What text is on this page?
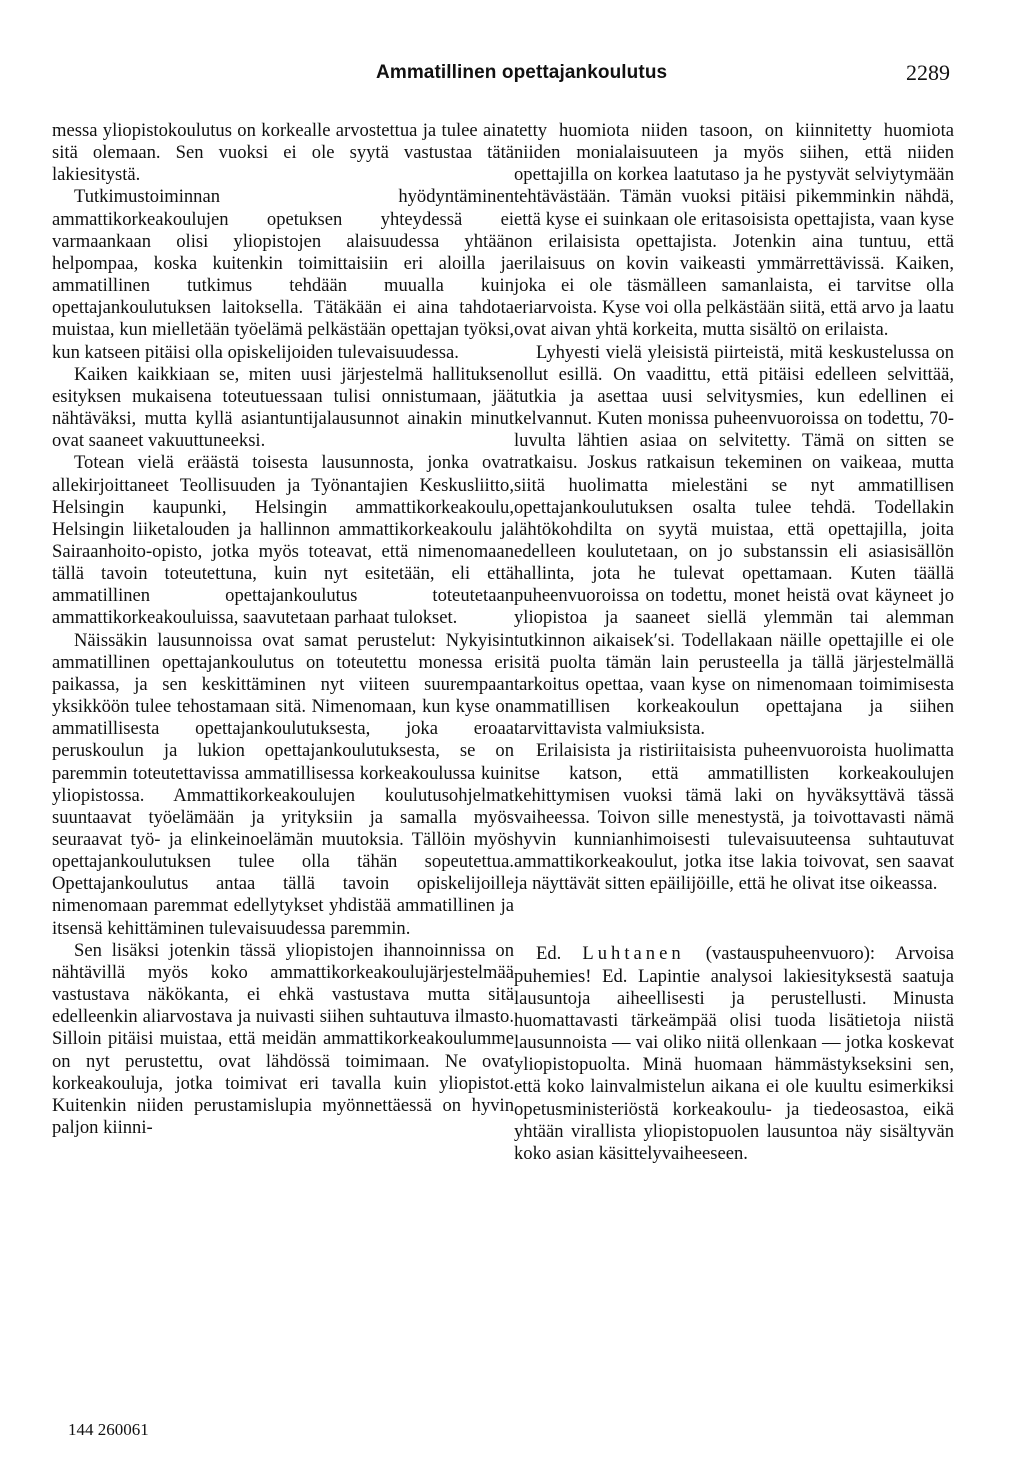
Ammatillinen opettajankoulutus	2289

messa yliopistokoulutus on korkealle arvostettua ja tulee aina sitä olemaan. Sen vuoksi ei ole syytä vastustaa tätä lakiesitystä.

Tutkimustoiminnan hyödyntäminen ammattikorkeakoulujen opetuksen yhteydessä ei varmaankaan olisi yliopistojen alaisuudessa yhtään helpompaa, koska kuitenkin toimittaisiin eri aloilla ja ammatillinen tutkimus tehdään muualla kuin opettajankoulutuksen laitoksella. Tätäkään ei aina tahdota muistaa, kun mielletään työelämä pelkästään opettajan työksi, kun katseen pitäisi olla opiskelijoiden tulevaisuudessa.

Kaiken kaikkiaan se, miten uusi järjestelmä hallituksen esityksen mukaisena toteutuessaan tulisi onnistumaan, jää nähtäväksi, mutta kyllä asiantuntijalausunnot ainakin minut ovat saaneet vakuuttuneeksi.

Totean vielä eräästä toisesta lausunnosta, jonka ovat allekirjoittaneet Teollisuuden ja Työnantajien Keskusliitto, Helsingin kaupunki, Helsingin ammattikorkeakoulu, Helsingin liiketalouden ja hallinnon ammattikorkeakoulu ja Sairaanhoito-opisto, jotka myös toteavat, että nimenomaan tällä tavoin toteutettuna, kuin nyt esitetään, eli että ammatillinen opettajankoulutus toteutetaan ammattikorkeakouluissa, saavutetaan parhaat tulokset.

Näissäkin lausunnoissa ovat samat perustelut: Nykyisin ammatillinen opettajankoulutus on toteutettu monessa eri paikassa, ja sen keskittäminen nyt viiteen suurempaan yksikköön tulee tehostamaan sitä. Nimenomaan, kun kyse on ammatillisesta opettajankoulutuksesta, joka eroaa peruskoulun ja lukion opettajankoulutuksesta, se on paremmin toteutettavissa ammatillisessa korkeakoulussa kuin yliopistossa. Ammattikorkeakoulujen koulutusohjelmat suuntaavat työelämään ja yrityksiin ja samalla myös seuraavat työ- ja elinkeinoelämän muutoksia. Tällöin myös opettajankoulutuksen tulee olla tähän sopeutettua. Opettajankoulutus antaa tällä tavoin opiskelijoille nimenomaan paremmat edellytykset yhdistää ammatillinen ja itsensä kehittäminen tulevaisuudessa paremmin.

Sen lisäksi jotenkin tässä yliopistojen ihannoinnissa on nähtävillä myös koko ammattikorkeakoulujärjestelmää vastustava näkökanta, ei ehkä vastustava mutta sitä edelleenkin aliarvostava ja nuivasti siihen suhtautuva ilmasto. Silloin pitäisi muistaa, että meidän ammattikorkeakoulumme on nyt perustettu, ovat lähdössä toimimaan. Ne ovat korkeakouluja, jotka toimivat eri tavalla kuin yliopistot. Kuitenkin niiden perustamislupia myönnettäessä on hyvin paljon kiinni-

tetty huomiota niiden tasoon, on kiinnitetty huomiota niiden monialaisuuteen ja myös siihen, että niiden opettajilla on korkea laatutaso ja he pystyvät selviytymään tehtävästään. Tämän vuoksi pitäisi pikemminkin nähdä, että kyse ei suinkaan ole eritasoisista opettajista, vaan kyse on erilaisista opettajista. Jotenkin aina tuntuu, että erilaisuus on kovin vaikeasti ymmärrettävissä. Kaiken, joka ei ole täsmälleen samanlaista, ei tarvitse olla eriarvoista. Kyse voi olla pelkästään siitä, että arvo ja laatu ovat aivan yhtä korkeita, mutta sisältö on erilaista.

Lyhyesti vielä yleisistä piirteistä, mitä keskustelussa on ollut esillä. On vaadittu, että pitäisi edelleen selvittää, tutkia ja asettaa uusi selvitysmies, kun edellinen ei kelvannut. Kuten monissa puheenvuoroissa on todettu, 70-luvulta lähtien asiaa on selvitetty. Tämä on sitten se ratkaisu. Joskus ratkaisun tekeminen on vaikeaa, mutta siitä huolimatta mielestäni se nyt ammatillisen opettajankoulutuksen osalta tulee tehdä. Todellakin lähtökohdilta on syytä muistaa, että opettajilla, joita edelleen koulutetaan, on jo substanssin eli asiasisällön hallinta, jota he tulevat opettamaan. Kuten täällä puheenvuoroissa on todettu, monet heistä ovat käyneet jo yliopistoa ja saaneet siellä ylemmän tai alemman tutkinnon aikaisekʹsi. Todellakaan näille opettajille ei ole sitä puolta tämän lain perusteella ja tällä järjestelmällä tarkoitus opettaa, vaan kyse on nimenomaan toimimisesta ammatillisen korkeakoulun opettajana ja siihen tarvittavista valmiuksista.

Erilaisista ja ristiriitaisista puheenvuoroista huolimatta itse katson, että ammatillisten korkeakoulujen kehittymisen vuoksi tämä laki on hyväksyttävä tässä vaiheessa. Toivon sille menestystä, ja toivottavasti nämä hyvin kunnianhimoisesti tulevaisuuteensa suhtautuvat ammattikorkeakoulut, jotka itse lakia toivovat, sen saavat ja näyttävät sitten epäilijöille, että he olivat itse oikeassa.

Ed. Luhtanen (vastauspuheenvuoro): Arvoisa puhemies! Ed. Lapintie analysoi lakiesityksestä saatuja lausuntoja aiheellisesti ja perustellusti. Minusta huomattavasti tärkeämpää olisi tuoda lisätietoja niistä lausunnoista — vai oliko niitä ollenkaan — jotka koskevat yliopistopuolta. Minä huomaan hämmästykseksini sen, että koko lainvalmistelun aikana ei ole kuultu esimerkiksi opetusministeriöstä korkeakoulu- ja tiedeosastoa, eikä yhtään virallista yliopistopuolen lausuntoa näy sisältyvän koko asian käsittelyvaiheeseen.

144 260061
